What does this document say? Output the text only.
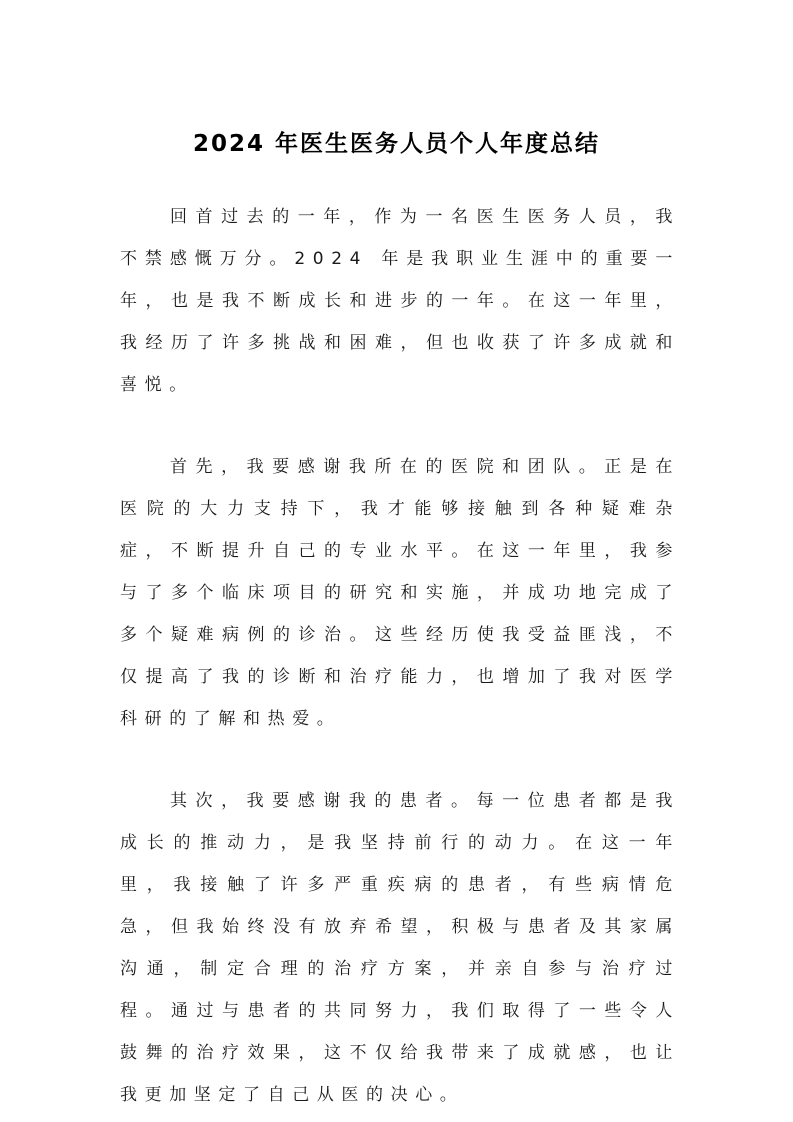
2024 年医生医务人员个人年度总结

回首过去的一年，作为一名医生医务人员，我不禁感慨万分。2024 年是我职业生涯中的重要一年，也是我不断成长和进步的一年。在这一年里，我经历了许多挑战和困难，但也收获了许多成就和喜悦。

首先，我要感谢我所在的医院和团队。正是在医院的大力支持下，我才能够接触到各种疑难杂症，不断提升自己的专业水平。在这一年里，我参与了多个临床项目的研究和实施，并成功地完成了多个疑难病例的诊治。这些经历使我受益匪浅，不仅提高了我的诊断和治疗能力，也增加了我对医学科研的了解和热爱。

其次，我要感谢我的患者。每一位患者都是我成长的推动力，是我坚持前行的动力。在这一年里，我接触了许多严重疾病的患者，有些病情危急，但我始终没有放弃希望，积极与患者及其家属沟通，制定合理的治疗方案，并亲自参与治疗过程。通过与患者的共同努力，我们取得了一些令人鼓舞的治疗效果，这不仅给我带来了成就感，也让我更加坚定了自己从医的决心。
